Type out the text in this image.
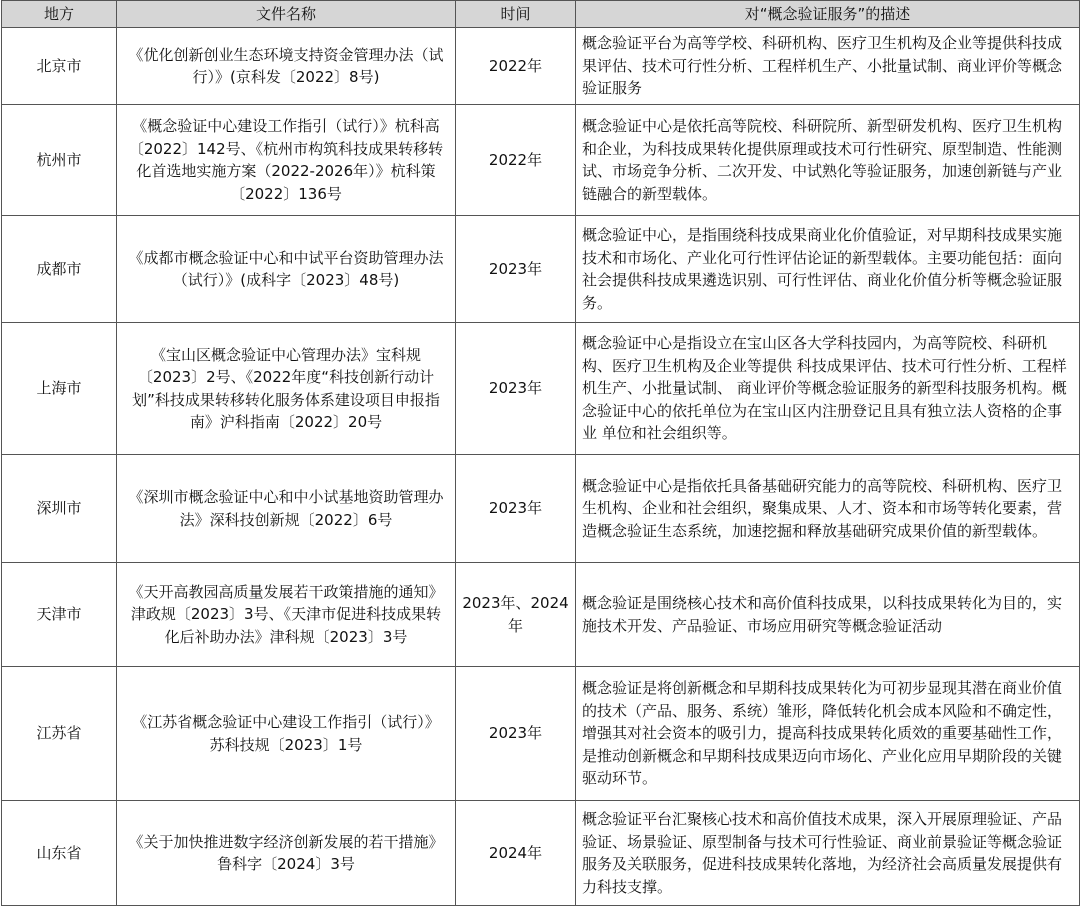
地方	文件名称	时间	对“概念验证服务”的描述
北京市	《优化创新创业生态环境支持资金管理办法（试行）》(京科发〔2022〕8号)	2022年	概念验证平台为高等学校、科研机构、医疗卫生机构及企业等提供科技成果评估、技术可行性分析、工程样机生产、小批量试制、商业评价等概念验证服务
杭州市	《概念验证中心建设工作指引（试行）》杭科高〔2022〕142号、《杭州市构筑科技成果转移转化首选地实施方案（2022-2026年）》杭科策〔2022〕136号	2022年	概念验证中心是依托高等院校、科研院所、新型研发机构、医疗卫生机构和企业，为科技成果转化提供原理或技术可行性研究、原型制造、性能测试、市场竞争分析、二次开发、中试熟化等验证服务，加速创新链与产业链融合的新型载体。
成都市	《成都市概念验证中心和中试平台资助管理办法（试行）》(成科字〔2023〕48号)	2023年	概念验证中心，是指围绕科技成果商业化价值验证，对早期科技成果实施技术和市场化、产业化可行性评估论证的新型载体。主要功能包括：面向社会提供科技成果遴选识别、可行性评估、商业化价值分析等概念验证服务。
上海市	《宝山区概念验证中心管理办法》宝科规〔2023〕2号、《2022年度“科技创新行动计划”科技成果转移转化服务体系建设项目申报指南》沪科指南〔2022〕20号	2023年	概念验证中心是指设立在宝山区各大学科技园内，为高等院校、科研机构、医疗卫生机构及企业等提供 科技成果评估、技术可行性分析、工程样机生产、小批量试制、 商业评价等概念验证服务的新型科技服务机构。概念验证中心的依托单位为在宝山区内注册登记且具有独立法人资格的企事业 单位和社会组织等。
深圳市	《深圳市概念验证中心和中小试基地资助管理办法》深科技创新规〔2022〕6号	2023年	概念验证中心是指依托具备基础研究能力的高等院校、科研机构、医疗卫生机构、企业和社会组织，聚集成果、人才、资本和市场等转化要素，营造概念验证生态系统，加速挖掘和释放基础研究成果价值的新型载体。
天津市	《天开高教园高质量发展若干政策措施的通知》津政规〔2023〕3号、《天津市促进科技成果转化后补助办法》津科规〔2023〕3号	2023年、2024年	概念验证是围绕核心技术和高价值科技成果，以科技成果转化为目的，实施技术开发、产品验证、市场应用研究等概念验证活动
江苏省	《江苏省概念验证中心建设工作指引（试行）》苏科技规〔2023〕1号	2023年	概念验证是将创新概念和早期科技成果转化为可初步显现其潜在商业价值的技术（产品、服务、系统）雏形，降低转化机会成本风险和不确定性，增强其对社会资本的吸引力，提高科技成果转化质效的重要基础性工作，是推动创新概念和早期科技成果迈向市场化、产业化应用早期阶段的关键驱动环节。
山东省	《关于加快推进数字经济创新发展的若干措施》鲁科字〔2024〕3号	2024年	概念验证平台汇聚核心技术和高价值技术成果，深入开展原理验证、产品验证、场景验证、原型制备与技术可行性验证、商业前景验证等概念验证服务及关联服务，促进科技成果转化落地，为经济社会高质量发展提供有力科技支撑。
